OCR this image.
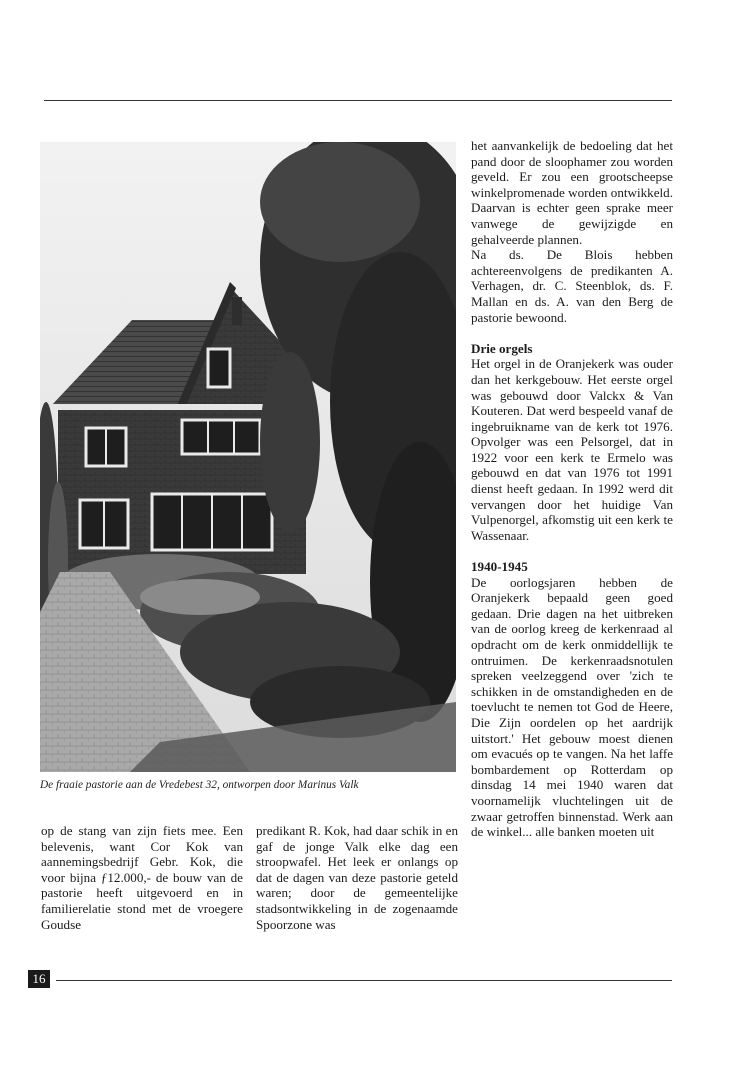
De fraaie pastorie aan de Vredebest 32, ontworpen door Marinus Valk

op de stang van zijn fiets mee. Een belevenis, want Cor Kok van aannemingsbedrijf Gebr. Kok, die voor bijna ƒ12.000,- de bouw van de pastorie heeft uitgevoerd en in familierelatie stond met de vroegere Goudse

predikant R. Kok, had daar schik in en gaf de jonge Valk elke dag een stroopwafel. Het leek er onlangs op dat de dagen van deze pastorie geteld waren; door de gemeentelijke stadsontwikkeling in de zogenaamde Spoorzone was

het aanvankelijk de bedoeling dat het pand door de sloophamer zou worden geveld. Er zou een grootscheepse winkelpromenade worden ontwikkeld. Daarvan is echter geen sprake meer vanwege de gewijzigde en gehalveerde plannen.

Na ds. De Blois hebben achtereenvolgens de predikanten A. Verhagen, dr. C. Steenblok, ds. F. Mallan en ds. A. van den Berg de pastorie bewoond.

Drie orgels

Het orgel in de Oranjekerk was ouder dan het kerkgebouw. Het eerste orgel was gebouwd door Valckx & Van Kouteren. Dat werd bespeeld vanaf de ingebruikname van de kerk tot 1976. Opvolger was een Pelsorgel, dat in 1922 voor een kerk te Ermelo was gebouwd en dat van 1976 tot 1991 dienst heeft gedaan. In 1992 werd dit vervangen door het huidige Van Vulpenorgel, afkomstig uit een kerk te Wassenaar.

1940-1945

De oorlogsjaren hebben de Oranjekerk bepaald geen goed gedaan. Drie dagen na het uitbreken van de oorlog kreeg de kerkenraad al opdracht om de kerk onmiddellijk te ontruimen. De kerkenraadsnotulen spreken veelzeggend over 'zich te schikken in de omstandigheden en de toevlucht te nemen tot God de Heere, Die Zijn oordelen op het aardrijk uitstort.' Het gebouw moest dienen om evacués op te vangen. Na het laffe bombardement op Rotterdam op dinsdag 14 mei 1940 waren dat voornamelijk vluchtelingen uit de zwaar getroffen binnenstad. Werk aan de winkel... alle banken moeten uit

16
